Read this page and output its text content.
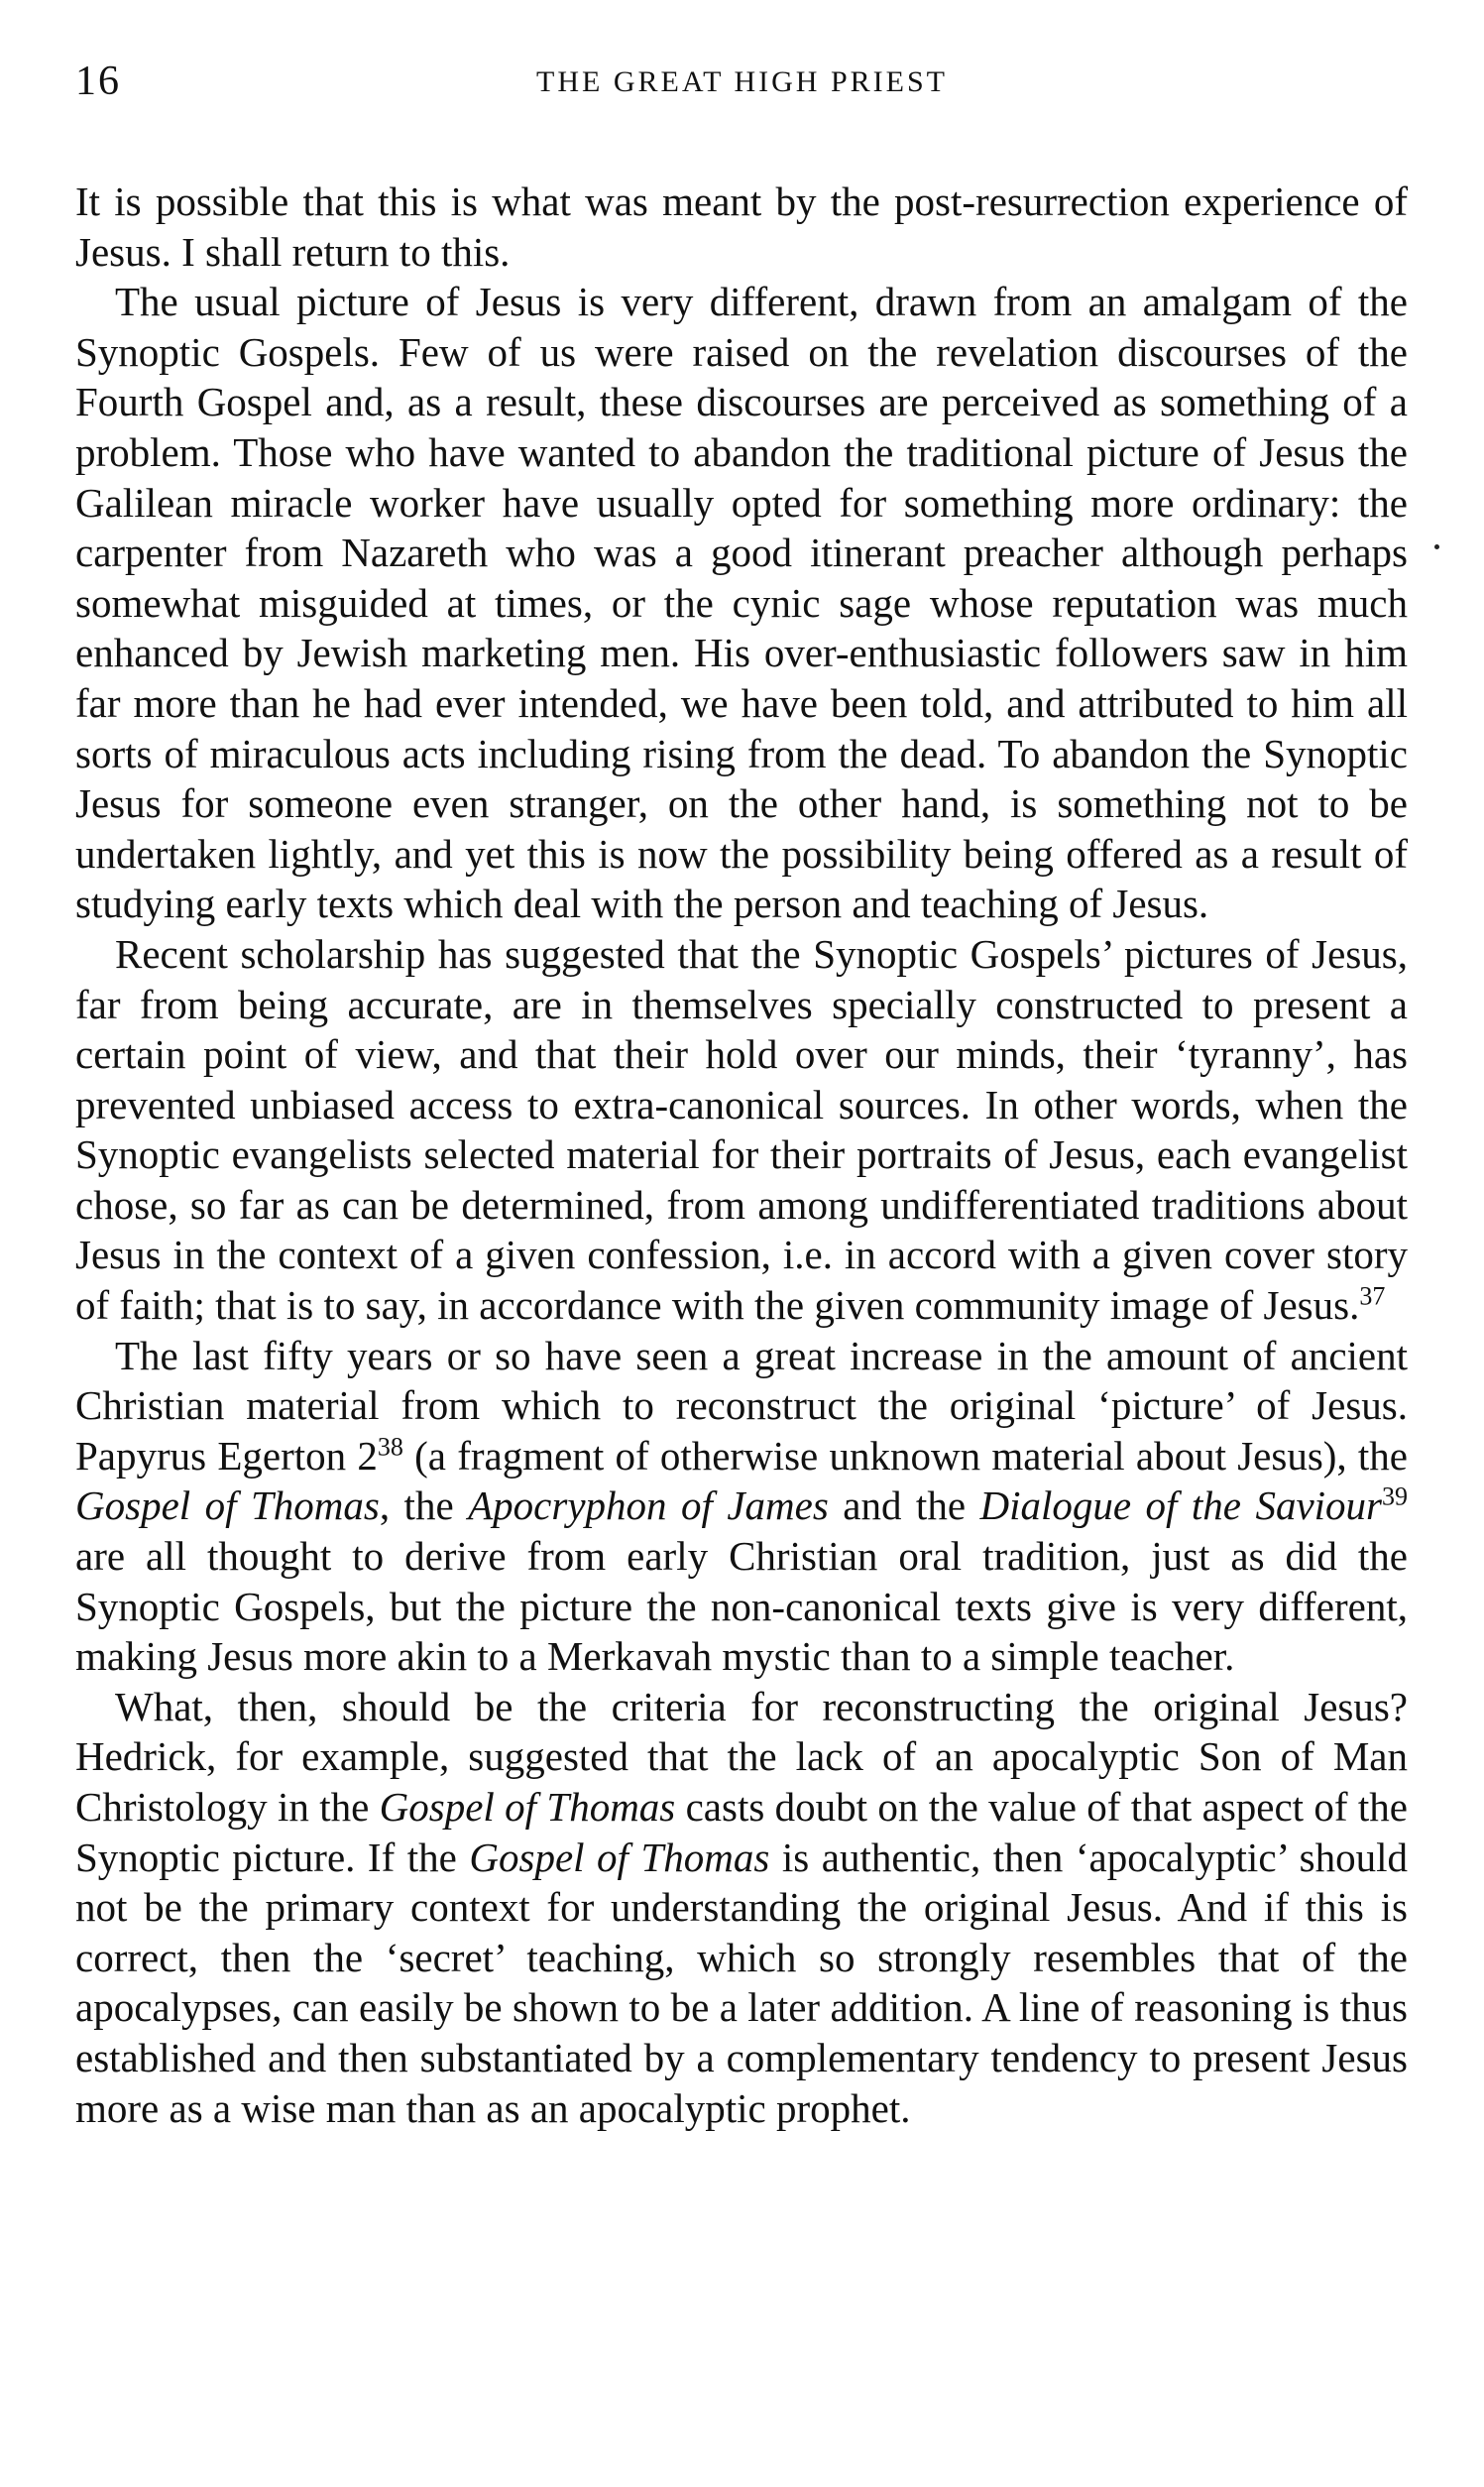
16	THE GREAT HIGH PRIEST

It is possible that this is what was meant by the post-resurrection experience of Jesus. I shall return to this.

The usual picture of Jesus is very different, drawn from an amalgam of the Synoptic Gospels. Few of us were raised on the revelation discourses of the Fourth Gospel and, as a result, these discourses are perceived as something of a problem. Those who have wanted to abandon the traditional picture of Jesus the Galilean miracle worker have usually opted for something more ordinary: the carpenter from Nazareth who was a good itinerant preacher although perhaps somewhat misguided at times, or the cynic sage whose reputation was much enhanced by Jewish marketing men. His over-enthusiastic followers saw in him far more than he had ever intended, we have been told, and attributed to him all sorts of miraculous acts including rising from the dead. To abandon the Synoptic Jesus for someone even stranger, on the other hand, is something not to be undertaken lightly, and yet this is now the possibility being offered as a result of studying early texts which deal with the person and teaching of Jesus.

Recent scholarship has suggested that the Synoptic Gospels’ pictures of Jesus, far from being accurate, are in themselves specially constructed to present a certain point of view, and that their hold over our minds, their ‘tyranny’, has prevented unbiased access to extra-canonical sources. In other words, when the Synoptic evangelists selected material for their portraits of Jesus, each evangelist chose, so far as can be determined, from among undifferentiated traditions about Jesus in the context of a given confession, i.e. in accord with a given cover story of faith; that is to say, in accordance with the given community image of Jesus.$^{37}$

The last fifty years or so have seen a great increase in the amount of ancient Christian material from which to reconstruct the original ‘picture’ of Jesus. Papyrus Egerton $2^{38}$ (a fragment of otherwise unknown material about Jesus), the Gospel of Thomas, the Apocryphon of James and the Dialogue of the Saviour$^{39}$ are all thought to derive from early Christian oral tradition, just as did the Synoptic Gospels, but the picture the non-canonical texts give is very different, making Jesus more akin to a Merkavah mystic than to a simple teacher.

What, then, should be the criteria for reconstructing the original Jesus? Hedrick, for example, suggested that the lack of an apocalyptic Son of Man Christology in the Gospel of Thomas casts doubt on the value of that aspect of the Synoptic picture. If the Gospel of Thomas is authentic, then ‘apocalyptic’ should not be the primary context for understanding the original Jesus. And if this is correct, then the ‘secret’ teaching, which so strongly resembles that of the apocalypses, can easily be shown to be a later addition. A line of reasoning is thus established and then substantiated by a complementary tendency to present Jesus more as a wise man than as an apocalyptic prophet.
